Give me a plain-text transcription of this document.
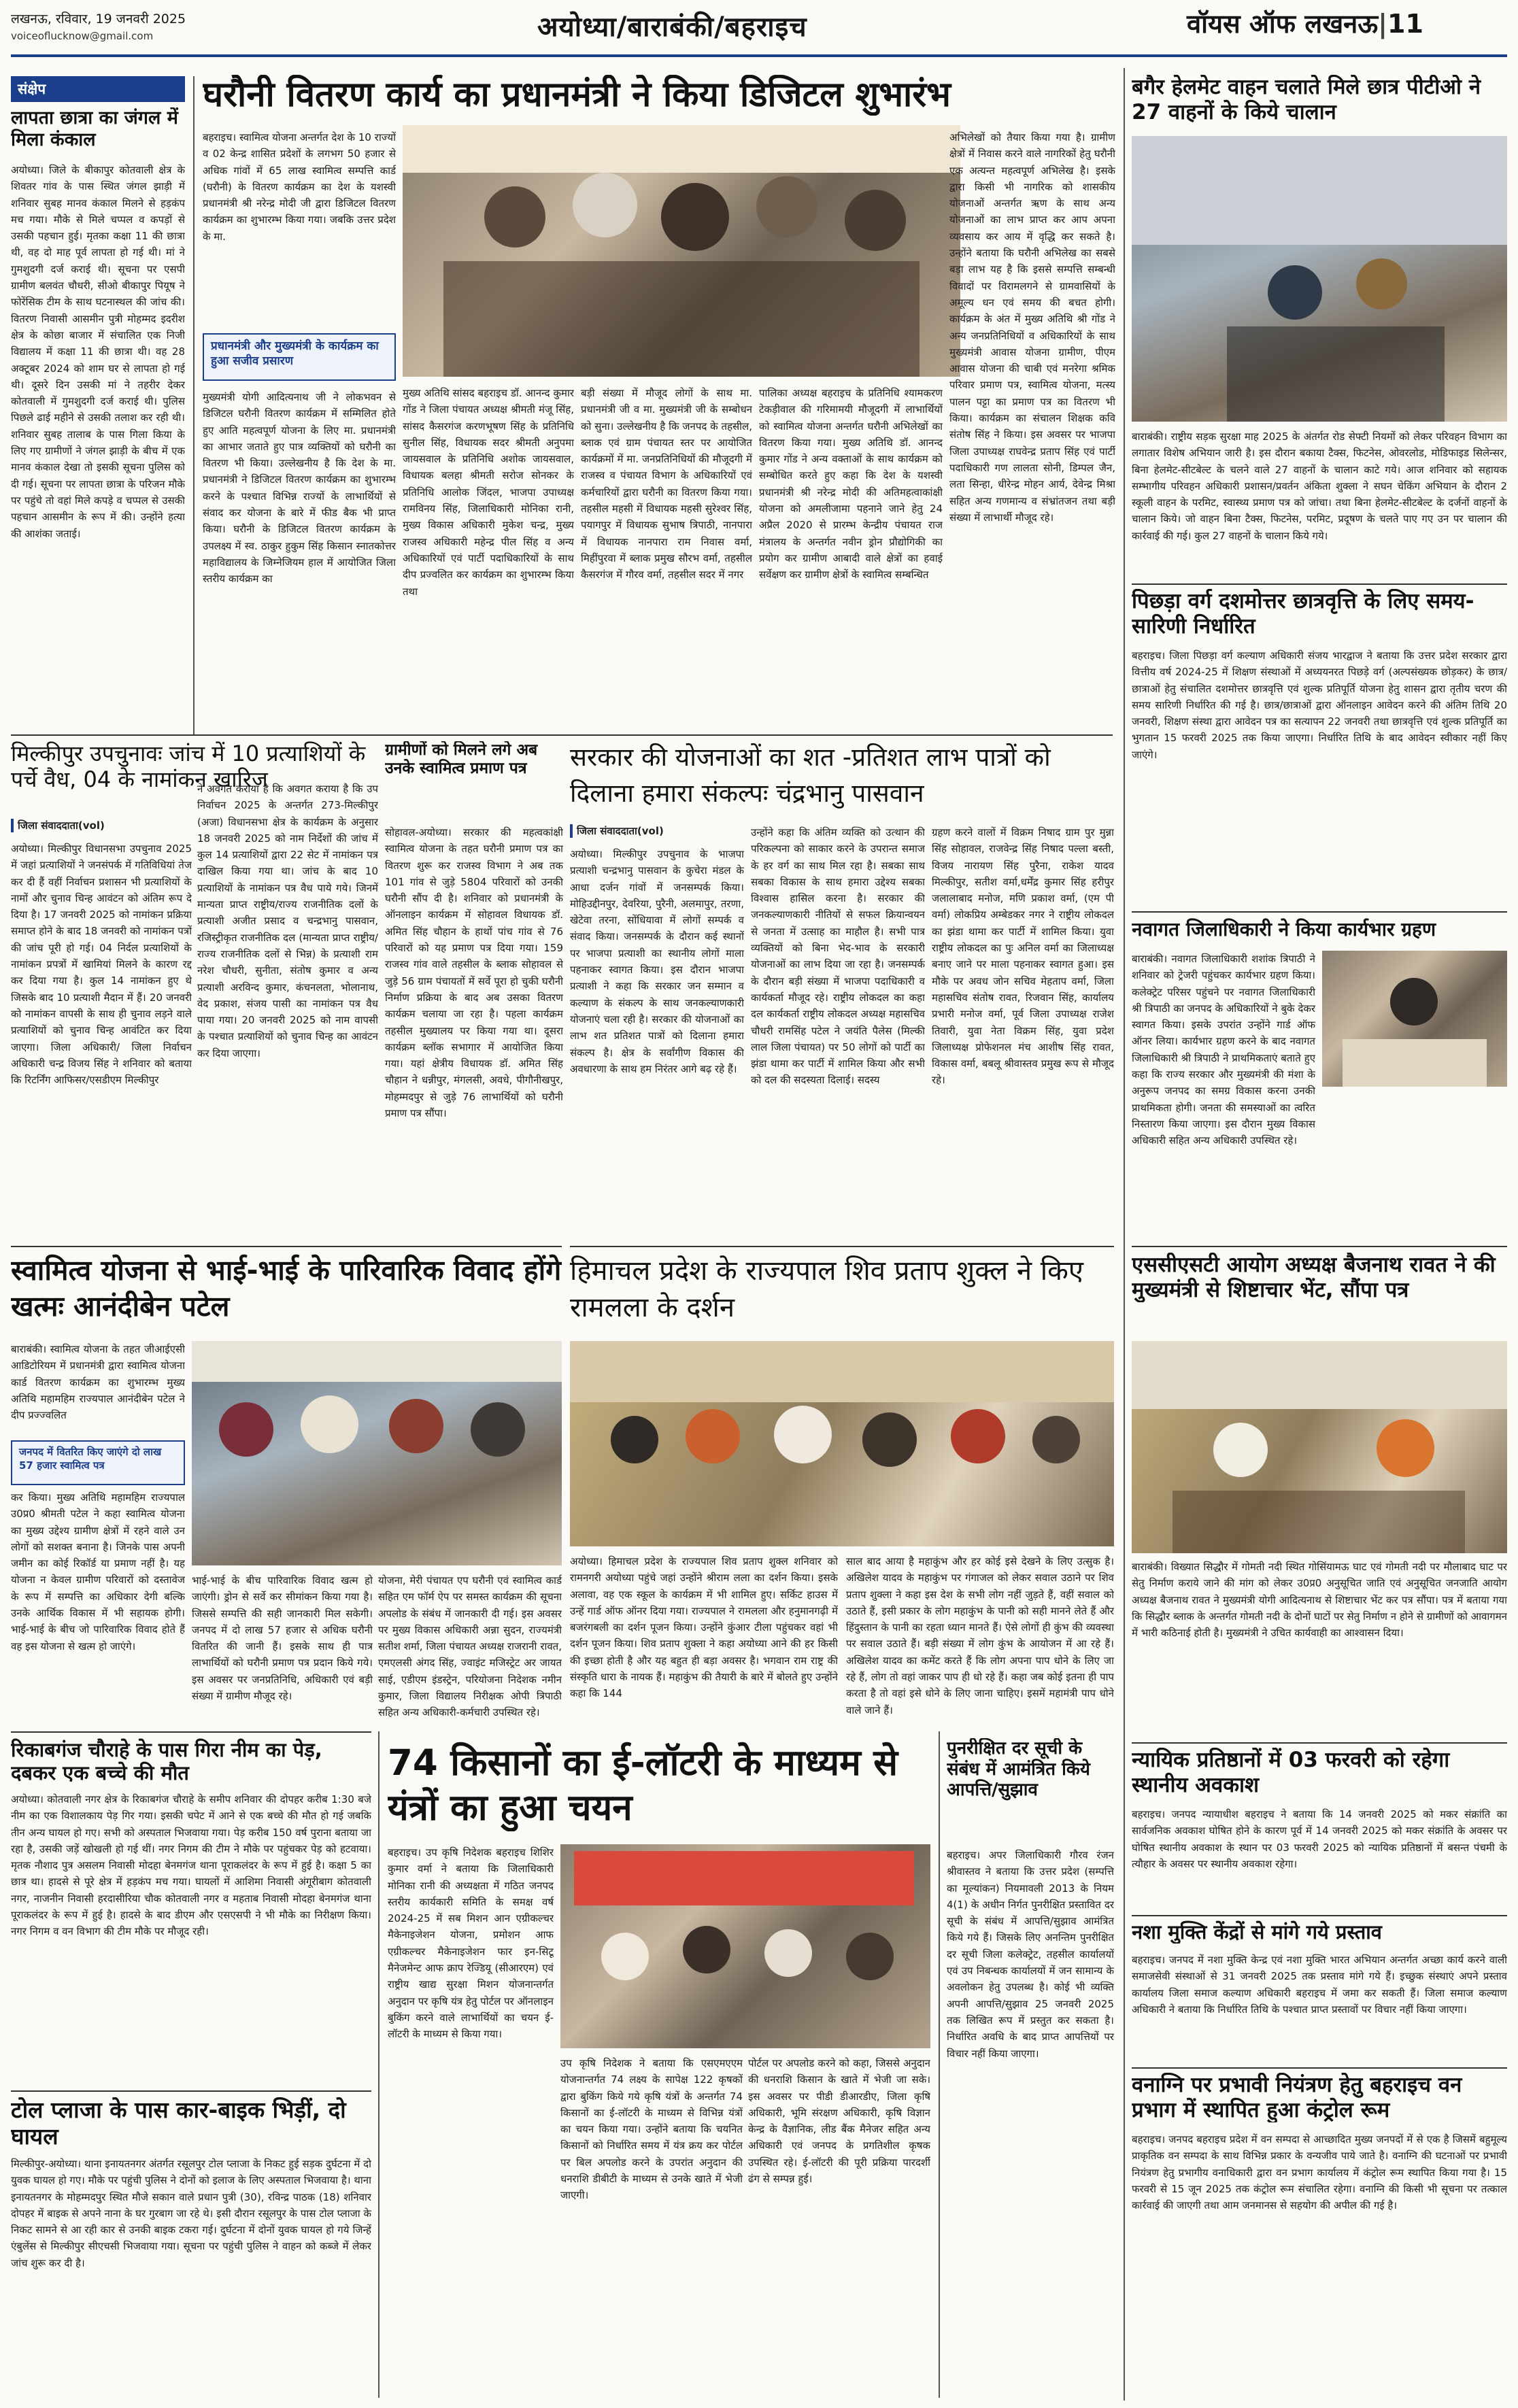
लखनऊ, रविवार, 19 जनवरी 2025
voiceoflucknow@gmail.com	अयोध्या/बाराबंकी/बहराइच	वॉयस ऑफ लखनऊ|11
संक्षेप
लापता छात्रा का जंगल में मिला कंकाल
अयोध्या। जिले के बीकापुर कोतवाली क्षेत्र के शिवतर गांव के पास स्थित जंगल झाड़ी में शनिवार सुबह मानव कंकाल मिलने से हड़कंप मच गया। मौके से मिले चप्पल व कपड़ों से उसकी पहचान हुई। मृतका कक्षा 11 की छात्रा थी, वह दो माह पूर्व लापता हो गई थी। मां ने गुमशुदगी दर्ज कराई थी। सूचना पर एसपी ग्रामीण बलवंत चौधरी, सीओ बीकापुर पियूष ने फोरेंसिक टीम के साथ घटनास्थल की जांच की। वितरण निवासी आसमीन पुत्री मोहम्मद इदरीश क्षेत्र के कोछा बाजार में संचालित एक निजी विद्यालय में कक्षा 11 की छात्रा थी। वह 28 अक्टूबर 2024 को शाम घर से लापता हो गई थी। दूसरे दिन उसकी मां ने तहरीर देकर कोतवाली में गुमशुदगी दर्ज कराई थी। पुलिस पिछले ढाई महीने से उसकी तलाश कर रही थी। शनिवार सुबह तालाब के पास गिला किया के लिए गए ग्रामीणों ने जंगल झाड़ी के बीच में एक मानव कंकाल देखा तो इसकी सूचना पुलिस को दी गई। सूचना पर लापता छात्रा के परिजन मौके पर पहुंचे तो वहां मिले कपड़े व चप्पल से उसकी पहचान आसमीन के रूप में की। उन्होंने हत्या की आशंका जताई।
घरौनी वितरण कार्य का प्रधानमंत्री ने किया डिजिटल शुभारंभ
बहराइच। स्वामित्व योजना अन्तर्गत देश के 10 राज्यों व 02 केन्द्र शासित प्रदेशों के लगभग 50 हजार से अधिक गांवों में 65 लाख स्वामित्व सम्पत्ति कार्ड (घरौनी) के वितरण कार्यक्रम का देश के यशस्वी प्रधानमंत्री श्री नरेन्द्र मोदी जी द्वारा डिजिटल वितरण कार्यक्रम का शुभारम्भ किया गया। जबकि उत्तर प्रदेश के मा.
प्रधानमंत्री और मुख्यमंत्री के कार्यक्रम का हुआ सजीव प्रसारण
मुख्यमंत्री योगी आदित्यनाथ जी ने लोकभवन से डिजिटल घरौनी वितरण कार्यक्रम में सम्मिलित होते हुए आति महत्वपूर्ण योजना के लिए मा. प्रधानमंत्री का आभार जताते हुए पात्र व्यक्तियों को घरौनी का वितरण भी किया। उल्लेखनीय है कि देश के मा. प्रधानमंत्री ने डिजिटल वितरण कार्यक्रम का शुभारम्भ करने के पश्चात विभिन्न राज्यों के लाभार्थियों से संवाद कर योजना के बारे में फीड बैक भी प्राप्त किया। घरौनी के डिजिटल वितरण कार्यक्रम के उपलक्ष्य में स्व. ठाकुर हुकुम सिंह किसान स्नातकोत्तर महाविद्यालय के जिम्नेजियम हाल में आयोजित जिला स्तरीय कार्यक्रम का
मुख्य अतिथि सांसद बहराइच डॉ. आनन्द कुमार गोंड ने जिला पंचायत अध्यक्ष श्रीमती मंजू सिंह, सांसद कैसरगंज करणभूषण सिंह के प्रतिनिधि सुनील सिंह, विधायक सदर श्रीमती अनुपमा जायसवाल के प्रतिनिधि अशोक जायसवाल, विधायक बलहा श्रीमती सरोज सोनकर के प्रतिनिधि आलोक जिंदल, भाजपा उपाध्यक्ष रामविनय सिंह, जिलाधिकारी मोनिका रानी, मुख्य विकास अधिकारी मुकेश चन्द्र, मुख्य राजस्व अधिकारी महेन्द्र पील सिंह व अन्य अधिकारियों एवं पार्टी पदाधिकारियों के साथ दीप प्रज्वलित कर कार्यक्रम का शुभारम्भ किया तथा
बड़ी संख्या में मौजूद लोगों के साथ मा. प्रधानमंत्री जी व मा. मुख्यमंत्री जी के सम्बोधन को सुना। उल्लेखनीय है कि जनपद के तहसील, ब्लाक एवं ग्राम पंचायत स्तर पर आयोजित कार्यक्रमों में मा. जनप्रतिनिधियों की मौजूदगी में राजस्व व पंचायत विभाग के अधिकारियों एवं कर्मचारियों द्वारा घरौनी का वितरण किया गया। तहसील महसी में विधायक महसी सुरेश्वर सिंह, पयागपुर में विधायक सुभाष त्रिपाठी, नानपारा में विधायक नानपारा राम निवास वर्मा, मिहींपुरवा में ब्लाक प्रमुख सौरभ वर्मा, तहसील कैसरगंज में गौरव वर्मा, तहसील सदर में नगर
पालिका अध्यक्ष बहराइच के प्रतिनिधि श्यामकरण टेकड़ीवाल की गरिमामयी मौजूदगी में लाभार्थियों को स्वामित्व योजना अन्तर्गत घरौनी अभिलेखों का वितरण किया गया। मुख्य अतिथि डॉ. आनन्द कुमार गोंड ने अन्य वक्ताओं के साथ कार्यक्रम को सम्बोधित करते हुए कहा कि देश के यशस्वी प्रधानमंत्री श्री नरेन्द्र मोदी की अतिमहत्वाकांक्षी योजना को अमलीजामा पहनाने जाने हेतु 24 अप्रैल 2020 से प्रारम्भ केन्द्रीय पंचायत राज मंत्रालय के अन्तर्गत नवीन ड्रोन प्रौद्योगिकी का प्रयोग कर ग्रामीण आबादी वाले क्षेत्रों का हवाई सर्वेक्षण कर ग्रामीण क्षेत्रों के स्वामित्व सम्बन्धित
अभिलेखों को तैयार किया गया है। ग्रामीण क्षेत्रों में निवास करने वाले नागरिकों हेतु घरौनी एक अत्यन्त महत्वपूर्ण अभिलेख है। इसके द्वारा किसी भी नागरिक को शासकीय योजनाओं अन्तर्गत ऋण के साथ अन्य योजनाओं का लाभ प्राप्त कर आप अपना व्यवसाय कर आय में वृद्धि कर सकते है। उन्होंने बताया कि घरौनी अभिलेख का सबसे बड़ा लाभ यह है कि इससे सम्पत्ति सम्बन्धी विवादों पर विरामलगने से ग्रामवासियों के अमूल्य धन एवं समय की बचत होगी। कार्यक्रम के अंत में मुख्य अतिथि श्री गोंड ने अन्य जनप्रतिनिधियों व अधिकारियों के साथ मुख्यमंत्री आवास योजना ग्रामीण, पीएम आवास योजना की चाबी एवं मनरेगा श्रमिक परिवार प्रमाण पत्र, स्वामित्व योजना, मत्स्य पालन पट्टा का प्रमाण पत्र का वितरण भी किया। कार्यक्रम का संचालन शिक्षक कवि संतोष सिंह ने किया। इस अवसर पर भाजपा जिला उपाध्यक्ष राघवेन्द्र प्रताप सिंह एवं पार्टी पदाधिकारी गण लालता सोनी, डिम्पल जैन, लता सिन्हा, धीरेन्द्र मोहन आर्य, देवेन्द्र मिश्रा सहित अन्य गणमान्य व संभ्रांतजन तथा बड़ी संख्या में लाभार्थी मौजूद रहे।
मिल्कीपुर उपचुनावः जांच में 10 प्रत्याशियों के पर्चे वैध, 04 के नामांकन खारिज
जिला संवाददाता(vol)
अयोध्या। मिल्कीपुर विधानसभा उपचुनाव 2025 में जहां प्रत्याशियों ने जनसंपर्क में गतिविधियां तेज कर दी हैं वहीं निर्वाचन प्रशासन भी प्रत्याशियों के नामों और चुनाव चिन्ह आवंटन को अंतिम रूप दे दिया है। 17 जनवरी 2025 को नामांकन प्रक्रिया समाप्त होने के बाद 18 जनवरी को नामांकन पत्रों की जांच पूरी हो गई। 04 निर्दल प्रत्याशियों के नामांकन प्रपत्रों में खामियां मिलने के कारण रद्द कर दिया गया है। कुल 14 नामांकन हुए थे जिसके बाद 10 प्रत्याशी मैदान में हैं। 20 जनवरी को नामांकन वापसी के साथ ही चुनाव लड़ने वाले प्रत्याशियों को चुनाव चिन्ह आवंटित कर दिया जाएगा। जिला अधिकारी/ जिला निर्वाचन अधिकारी चन्द्र विजय सिंह ने शनिवार को बताया कि रिटर्निंग आफिसर/एसडीएम मिल्कीपुर
ने अवगत कराया है कि अवगत कराया है कि उप निर्वाचन 2025 के अन्तर्गत 273-मिल्कीपुर (अजा) विधानसभा क्षेत्र के कार्यक्रम के अनुसार 18 जनवरी 2025 को नाम निर्देशों की जांच में कुल 14 प्रत्याशियों द्वारा 22 सेट में नामांकन पत्र दाखिल किया गया था। जांच के बाद 10 प्रत्याशियों के नामांकन पत्र वैध पाये गये। जिनमें मान्यता प्राप्त राष्ट्रीय/राज्य राजनीतिक दलों के प्रत्याशी अजीत प्रसाद व चन्द्रभानु पासवान, रजिस्ट्रीकृत राजनीतिक दल (मान्यता प्राप्त राष्ट्रीय/राज्य राजनीतिक दलों से भिन्न) के प्रत्याशी राम नरेश चौधरी, सुनीता, संतोष कुमार व अन्य प्रत्याशी अरविन्द कुमार, कंचनलता, भोलानाथ, वेद प्रकाश, संजय पासी का नामांकन पत्र वैध पाया गया। 20 जनवरी 2025 को नाम वापसी के पश्चात प्रत्याशियों को चुनाव चिन्ह का आवंटन कर दिया जाएगा।
ग्रामीणों को मिलने लगे अब उनके स्वामित्व प्रमाण पत्र
सोहावल-अयोध्या। सरकार की महत्वकांक्षी स्वामित्व योजना के तहत घरौनी प्रमाण पत्र का वितरण शुरू कर राजस्व विभाग ने अब तक 101 गांव से जुड़े 5804 परिवारों को उनकी घरौनी सौंप दी है। शनिवार को प्रधानमंत्री के ऑनलाइन कार्यक्रम में सोहावल विधायक डॉ. अमित सिंह चौहान के हाथों पांच गांव से 76 परिवारों को यह प्रमाण पत्र दिया गया। 159 राजस्व गांव वाले तहसील के ब्लाक सोहावल से जुड़े 56 ग्राम पंचायतों में सर्वे पूरा हो चुकी घरौनी निर्माण प्रक्रिया के बाद अब उसका वितरण कार्यक्रम चलाया जा रहा है। पहला कार्यक्रम तहसील मुख्यालय पर किया गया था। दूसरा कार्यक्रम ब्लॉक सभागार में आयोजित किया गया। यहां क्षेत्रीय विधायक डॉ. अमित सिंह चौहान ने धन्नीपुर, मंगलसी, अवधे, पीगौनीखपुर, मोहम्मदपुर से जुड़े 76 लाभार्थियों को घरौनी प्रमाण पत्र सौंपा।
सरकार की योजनाओं का शत -प्रतिशत लाभ पात्रों को दिलाना हमारा संकल्पः चंद्रभानु पासवान
जिला संवाददाता(vol)
अयोध्या। मिल्कीपुर उपचुनाव के भाजपा प्रत्याशी चन्द्रभानु पासवान के कुचेरा मंडल के आधा दर्जन गांवों में जनसम्पर्क किया। मोहिउद्दीनपुर, देवरिया, पुरैनी, अलमापुर, तरणा, खेटेवा तरना, सोंधियावा में लोगों सम्पर्क व संवाद किया। जनसम्पर्क के दौरान कई स्थानों पर भाजपा प्रत्याशी का स्थानीय लोगों माला पहनाकर स्वागत किया। इस दौरान भाजपा प्रत्याशी ने कहा कि सरकार जन सम्मान व कल्याण के संकल्प के साथ जनकल्याणकारी योजनाएं चला रही है। सरकार की योजनाओं का लाभ शत प्रतिशत पात्रों को दिलाना हमारा संकल्प है। क्षेत्र के सर्वांगीण विकास की अवधारणा के साथ हम निरंतर आगे बढ़ रहे हैं।
उन्होंने कहा कि अंतिम व्यक्ति को उत्थान की परिकल्पना को साकार करने के उपरान्त समाज के हर वर्ग का साथ मिल रहा है। सबका साथ सबका विकास के साथ हमारा उद्देश्य सबका विश्वास हासिल करना है। सरकार की जनकल्याणकारी नीतियों से सफल क्रियान्वयन से जनता में उत्साह का माहौल है। सभी पात्र व्यक्तियों को बिना भेद-भाव के सरकारी योजनाओं का लाभ दिया जा रहा है। जनसम्पर्क के दौरान बड़ी संख्या में भाजपा पदाधिकारी व कार्यकर्ता मौजूद रहे। राष्ट्रीय लोकदल का कहा दल कार्यकर्ता राष्ट्रीय लोकदल अध्यक्ष महासचिव चौधरी रामसिंह पटेल ने जयंति पैलेस (मिल्की लाल जिला पंचायत) पर 50 लोगों को पार्टी का झंडा थामा कर पार्टी में शामिल किया और सभी को दल की सदस्यता दिलाई। सदस्य
ग्रहण करने वालों में विक्रम निषाद ग्राम पुर मुन्ना सिंह सोहावल, राजवेन्द्र सिंह निषाद पल्ला बस्ती, विजय नारायण सिंह पुरैना, राकेश यादव मिल्कीपुर, सतीश वर्मा,धर्मेंद्र कुमार सिंह हरीपुर जलालाबाद मनोज, मणि प्रकाश वर्मा, (एम पी वर्मा) लोकप्रिय अम्बेडकर नगर ने राष्ट्रीय लोकदल का झंडा थामा कर पार्टी में शामिल किया। युवा राष्ट्रीय लोकदल का पुः अनिल वर्मा का जिलाध्यक्ष बनाए जाने पर माला पहनाकर स्वागत हुआ। इस मौके पर अवध जोन सचिव मेहताप वर्मा, जिला महासचिव संतोष रावत, रिजवान सिंह, कार्यालय प्रभारी मनोज वर्मा, पूर्व जिला उपाध्यक्ष राजेश तिवारी, युवा नेता विक्रम सिंह, युवा प्रदेश जिलाध्यक्ष प्रोफेशनल मंच आशीष सिंह रावत, विकास वर्मा, बबलू श्रीवास्तव प्रमुख रूप से मौजूद रहे।
स्वामित्व योजना से भाई-भाई के पारिवारिक विवाद होंगे खत्मः आनंदीबेन पटेल
बाराबंकी। स्वामित्व योजना के तहत जीआईएसी आडिटोरियम में प्रधानमंत्री द्वारा स्वामित्व योजना कार्ड वितरण कार्यक्रम का शुभारम्भ मुख्य अतिथि महामहिम राज्यपाल आनंदीबेन पटेल ने दीप प्रज्ज्वलित
जनपद में वितरित किए जाएंगे दो लाख 57 हजार स्वामित्व पत्र
कर किया। मुख्य अतिथि महामहिम राज्यपाल उ0प्र0 श्रीमती पटेल ने कहा स्वामित्व योजना का मुख्य उद्देश्य ग्रामीण क्षेत्रों में रहने वाले उन लोगों को सशक्त बनाना है। जिनके पास अपनी जमीन का कोई रिकॉर्ड या प्रमाण नहीं है। यह योजना न केवल ग्रामीण परिवारों को दस्तावेज के रूप में सम्पत्ति का अधिकार देगी बल्कि उनके आर्थिक विकास में भी सहायक होगी। भाई-भाई के बीच जो पारिवारिक विवाद होते हैं वह इस योजना से खत्म हो जाएंगे।
भाई-भाई के बीच पारिवारिक विवाद खत्म हो जाएंगी। ड्रोन से सर्वे कर सीमांकन किया गया है। जिससे सम्पत्ति की सही जानकारी मिल सकेगी। जनपद में दो लाख 57 हजार से अधिक घरौनी वितरित की जानी हैं। इसके साथ ही पात्र लाभार्थियों को घरौनी प्रमाण पत्र प्रदान किये गये। इस अवसर पर जनप्रतिनिधि, अधिकारी एवं बड़ी संख्या में ग्रामीण मौजूद रहे।
योजना, मेरी पंचायत एप घरौनी एवं स्वामित्व कार्ड सहित एम फॉर्म ऐप पर समस्त कार्यक्रम की सूचना अपलोड के संबंध में जानकारी दी गई। इस अवसर पर मुख्य विकास अधिकारी अन्ना सुदन, राज्यमंत्री सतीश शर्मा, जिला पंचायत अध्यक्ष राजरानी रावत, एमएलसी अंगद सिंह, ज्वाइंट मजिस्ट्रेट अर जायत साई, एडीएम इंडस्ट्रेन, परियोजना निदेशक नमीन कुमार, जिला विद्यालय निरीक्षक ओपी त्रिपाठी सहित अन्य अधिकारी-कर्मचारी उपस्थित रहे।
हिमाचल प्रदेश के राज्यपाल शिव प्रताप शुक्ल ने किए रामलला के दर्शन
अयोध्या। हिमाचल प्रदेश के राज्यपाल शिव प्रताप शुक्ल शनिवार को रामनगरी अयोध्या पहुंचे जहां उन्होंने श्रीराम लला का दर्शन किया। इसके अलावा, वह एक स्कूल के कार्यक्रम में भी शामिल हुए। सर्किट हाउस में उन्हें गार्ड ऑफ ऑनर दिया गया। राज्यपाल ने रामलला और हनुमानगढ़ी में बजरंगबली का दर्शन पूजन किया। उन्होंने कुंआर टीला पहुंचकर वहां भी दर्शन पूजन किया। शिव प्रताप शुक्ला ने कहा अयोध्या आने की हर किसी की इच्छा होती है और यह बहुत ही बड़ा अवसर है। भगवान राम राष्ट्र की संस्कृति धारा के नायक हैं। महाकुंभ की तैयारी के बारे में बोलते हुए उन्होंने कहा कि 144
साल बाद आया है महाकुंभ और हर कोई इसे देखने के लिए उत्सुक है। अखिलेश यादव के महाकुंभ पर गंगाजल को लेकर सवाल उठाने पर शिव प्रताप शुक्ला ने कहा इस देश के सभी लोग नहीं जुड़ते हैं, वहीं सवाल को उठाते हैं, इसी प्रकार के लोग महाकुंभ के पानी को सही मानने लेते हैं और हिंदुस्तान के पानी का रहता ध्यान मानते हैं। ऐसे लोगों ही कुंभ की व्यवस्था पर सवाल उठाते हैं। बड़ी संख्या में लोग कुंभ के आयोजन में आ रहे हैं। अखिलेश यादव का कमेंट करते हैं कि लोग अपना पाप धोने के लिए जा रहे हैं, लोग तो वहां जाकर पाप ही धो रहे हैं। कहा जब कोई इतना ही पाप करता है तो वहां इसे धोने के लिए जाना चाहिए। इसमें महामंत्री पाप धोने वाले जाने हैं।
रिकाबगंज चौराहे के पास गिरा नीम का पेड़, दबकर एक बच्चे की मौत
अयोध्या। कोतवाली नगर क्षेत्र के रिकाबगंज चौराहे के समीप शनिवार की दोपहर करीब 1:30 बजे नीम का एक विशालकाय पेड़ गिर गया। इसकी चपेट में आने से एक बच्चे की मौत हो गई जबकि तीन अन्य घायल हो गए। सभी को अस्पताल भिजवाया गया। पेड़ करीब 150 वर्ष पुराना बताया जा रहा है, उसकी जड़ें खोखली हो गई थीं। नगर निगम की टीम ने मौके पर पहुंचकर पेड़ को हटवाया। मृतक नौशाद पुत्र असलम निवासी मोदहा बेनमगंज थाना पूराकलंदर के रूप में हुई है। कक्षा 5 का छात्र था। हादसे से पूरे क्षेत्र में हड़कंप मच गया। घायलों में आशिमा निवासी अंगूरीबाग कोतवाली नगर, नाजनीन निवासी हरदासीरिया चौक कोतवाली नगर व महताब निवासी मोदहा बेनमगंज थाना पूराकलंदर के रूप में हुई है। हादसे के बाद डीएम और एसएसपी ने भी मौके का निरीक्षण किया। नगर निगम व वन विभाग की टीम मौके पर मौजूद रही।
टोल प्लाजा के पास कार-बाइक भिड़ीं, दो घायल
मिल्कीपुर-अयोध्या। थाना इनायतनगर अंतर्गत रसूलपुर टोल प्लाजा के निकट हुई सड़क दुर्घटना में दो युवक घायल हो गए। मौके पर पहुंची पुलिस ने दोनों को इलाज के लिए अस्पताल भिजवाया है। थाना इनायतनगर के मोहम्मदपुर स्थित मौजे सकान वाले प्रधान पुत्री (30), रविन्द्र पाठक (18) शनिवार दोपहर में बाइक से अपने नाना के घर गुरबाग जा रहे थे। इसी दौरान रसूलपुर के पास टोल प्लाजा के निकट सामने से आ रही कार से उनकी बाइक टकरा गई। दुर्घटना में दोनों युवक घायल हो गये जिन्हें एंबुलेंस से मिल्कीपुर सीएचसी भिजवाया गया। सूचना पर पहुंची पुलिस ने वाहन को कब्जे में लेकर जांच शुरू कर दी है।
74 किसानों का ई-लॉटरी के माध्यम से यंत्रों का हुआ चयन
बहराइच। उप कृषि निदेशक बहराइच शिशिर कुमार वर्मा ने बताया कि जिलाधिकारी मोनिका रानी की अध्यक्षता में गठित जनपद स्तरीय कार्यकारी समिति के समक्ष वर्ष 2024-25 में सब मिशन आन एग्रीकल्चर मैकेनाइजेशन योजना, प्रमोशन आफ एग्रीकल्चर मैकेनाइजेशन फार इन-सिटू मैनेजमेन्ट आफ क्राप रेज्डियू (सीआरएम) एवं राष्ट्रीय खाद्य सुरक्षा मिशन योजनान्तर्गत अनुदान पर कृषि यंत्र हेतु पोर्टल पर ऑनलाइन बुकिंग करने वाले लाभार्थियों का चयन ई-लॉटरी के माध्यम से किया गया।
उप कृषि निदेशक ने बताया कि एसएमएएम योजनान्तर्गत 74 लक्ष्य के सापेक्ष 122 कृषकों द्वारा बुकिंग किये गये कृषि यंत्रों के अन्तर्गत 74 किसानों का ई-लॉटरी के माध्यम से विभिन्न यंत्रों का चयन किया गया। उन्होंने बताया कि चयनित किसानों को निर्धारित समय में यंत्र क्रय कर पोर्टल पर बिल अपलोड करने के उपरांत अनुदान की धनराशि डीबीटी के माध्यम से उनके खाते में भेजी जाएगी।
पोर्टल पर अपलोड करने को कहा, जिससे अनुदान की धनराशि किसान के खाते में भेजी जा सके। इस अवसर पर पीडी डीआरडीए, जिला कृषि अधिकारी, भूमि संरक्षण अधिकारी, कृषि विज्ञान केन्द्र के वैज्ञानिक, लीड बैंक मैनेजर सहित अन्य अधिकारी एवं जनपद के प्रगतिशील कृषक उपस्थित रहे। ई-लॉटरी की पूरी प्रक्रिया पारदर्शी ढंग से सम्पन्न हुई।
पुनरीक्षित दर सूची के संबंध में आमंत्रित किये आपत्ति/सुझाव
बहराइच। अपर जिलाधिकारी गौरव रंजन श्रीवास्तव ने बताया कि उत्तर प्रदेश (सम्पत्ति का मूल्यांकन) नियमावली 2013 के नियम 4(1) के अधीन निर्गत पुनरीक्षित प्रस्तावित दर सूची के संबंध में आपत्ति/सुझाव आमंत्रित किये गये हैं। जिसके लिए अनन्तिम पुनरीक्षित दर सूची जिला कलेक्ट्रेट, तहसील कार्यालयों एवं उप निबन्धक कार्यालयों में जन सामान्य के अवलोकन हेतु उपलब्ध है। कोई भी व्यक्ति अपनी आपत्ति/सुझाव 25 जनवरी 2025 तक लिखित रूप में प्रस्तुत कर सकता है। निर्धारित अवधि के बाद प्राप्त आपत्तियों पर विचार नहीं किया जाएगा।
बगैर हेलमेट वाहन चलाते मिले छात्र पीटीओ ने 27 वाहनों के किये चालान
बाराबंकी। राष्ट्रीय सड़क सुरक्षा माह 2025 के अंतर्गत रोड सेफ्टी नियमों को लेकर परिवहन विभाग का लगातार विशेष अभियान जारी है। इस दौरान बकाया टैक्स, फिटनेस, ओवरलोड, मोडिफाइड सिलेन्सर, बिना हेलमेट-सीटबेल्ट के चलने वाले 27 वाहनों के चालान काटे गये। आज शनिवार को सहायक सम्भागीय परिवहन अधिकारी प्रशासन/प्रवर्तन अंकिता शुक्ला ने सघन चेकिंग अभियान के दौरान 2 स्कूली वाहन के परमिट, स्वास्थ्य प्रमाण पत्र को जांचा। तथा बिना हेलमेट-सीटबेल्ट के दर्जनों वाहनों के चालान किये। जो वाहन बिना टैक्स, फिटनेस, परमिट, प्रदूषण के चलते पाए गए उन पर चालान की कार्रवाई की गई। कुल 27 वाहनों के चालान किये गये।
पिछड़ा वर्ग दशमोत्तर छात्रवृत्ति के लिए समय-सारिणी निर्धारित
बहराइच। जिला पिछड़ा वर्ग कल्याण अधिकारी संजय भारद्वाज ने बताया कि उत्तर प्रदेश सरकार द्वारा वित्तीय वर्ष 2024-25 में शिक्षण संस्थाओं में अध्ययनरत पिछड़े वर्ग (अल्पसंख्यक छोड़कर) के छात्र/छात्राओं हेतु संचालित दशमोत्तर छात्रवृत्ति एवं शुल्क प्रतिपूर्ति योजना हेतु शासन द्वारा तृतीय चरण की समय सारिणी निर्धारित की गई है। छात्र/छात्राओं द्वारा ऑनलाइन आवेदन करने की अंतिम तिथि 20 जनवरी, शिक्षण संस्था द्वारा आवेदन पत्र का सत्यापन 22 जनवरी तथा छात्रवृत्ति एवं शुल्क प्रतिपूर्ति का भुगतान 15 फरवरी 2025 तक किया जाएगा। निर्धारित तिथि के बाद आवेदन स्वीकार नहीं किए जाएंगे।
नवागत जिलाधिकारी ने किया कार्यभार ग्रहण
बाराबंकी। नवागत जिलाधिकारी शशांक त्रिपाठी ने शनिवार को ट्रेजरी पहुंचकर कार्यभार ग्रहण किया। कलेक्ट्रेट परिसर पहुंचने पर नवागत जिलाधिकारी श्री त्रिपाठी का जनपद के अधिकारियों ने बुके देकर स्वागत किया। इसके उपरांत उन्होंने गार्ड ऑफ ऑनर लिया। कार्यभार ग्रहण करने के बाद नवागत जिलाधिकारी श्री त्रिपाठी ने प्राथमिकताएं बताते हुए कहा कि राज्य सरकार और मुख्यमंत्री की मंशा के अनुरूप जनपद का समग्र विकास करना उनकी प्राथमिकता होगी। जनता की समस्याओं का त्वरित निस्तारण किया जाएगा। इस दौरान मुख्य विकास अधिकारी सहित अन्य अधिकारी उपस्थित रहे।
एससीएसटी आयोग अध्यक्ष बैजनाथ रावत ने की मुख्यमंत्री से शिष्टाचार भेंट, सौंपा पत्र
बाराबंकी। विख्यात सिद्धौर में गोमती नदी स्थित गोसिंयामऊ घाट एवं गोमती नदी पर मौलाबाद घाट पर सेतु निर्माण कराये जाने की मांग को लेकर उ0प्र0 अनुसूचित जाति एवं अनुसूचित जनजाति आयोग अध्यक्ष बैजनाथ रावत ने मुख्यमंत्री योगी आदित्यनाथ से शिष्टाचार भेंट कर पत्र सौंपा। पत्र में बताया गया कि सिद्धौर ब्लाक के अन्तर्गत गोमती नदी के दोनों घाटों पर सेतु निर्माण न होने से ग्रामीणों को आवागमन में भारी कठिनाई होती है। मुख्यमंत्री ने उचित कार्यवाही का आश्वासन दिया।
न्यायिक प्रतिष्ठानों में 03 फरवरी को रहेगा स्थानीय अवकाश
बहराइच। जनपद न्यायाधीश बहराइच ने बताया कि 14 जनवरी 2025 को मकर संक्रांति का सार्वजनिक अवकाश घोषित होने के कारण पूर्व में 14 जनवरी 2025 को मकर संक्रांति के अवसर पर घोषित स्थानीय अवकाश के स्थान पर 03 फरवरी 2025 को न्यायिक प्रतिष्ठानों में बसन्त पंचमी के त्यौहार के अवसर पर स्थानीय अवकाश रहेगा।
नशा मुक्ति केंद्रों से मांगे गये प्रस्ताव
बहराइच। जनपद में नशा मुक्ति केन्द्र एवं नशा मुक्ति भारत अभियान अन्तर्गत अच्छा कार्य करने वाली समाजसेवी संस्थाओं से 31 जनवरी 2025 तक प्रस्ताव मांगे गये हैं। इच्छुक संस्थाएं अपने प्रस्ताव कार्यालय जिला समाज कल्याण अधिकारी बहराइच में जमा कर सकती हैं। जिला समाज कल्याण अधिकारी ने बताया कि निर्धारित तिथि के पश्चात प्राप्त प्रस्तावों पर विचार नहीं किया जाएगा।
वनाग्नि पर प्रभावी नियंत्रण हेतु बहराइच वन प्रभाग में स्थापित हुआ कंट्रोल रूम
बहराइच। जनपद बहराइच प्रदेश में वन सम्पदा से आच्छादित मुख्य जनपदों में से एक है जिसमें बहुमूल्य प्राकृतिक वन सम्पदा के साथ विभिन्न प्रकार के वन्यजीव पाये जाते है। वनाग्नि की घटनाओं पर प्रभावी नियंत्रण हेतु प्रभागीय वनाधिकारी द्वारा वन प्रभाग कार्यालय में कंट्रोल रूम स्थापित किया गया है। 15 फरवरी से 15 जून 2025 तक कंट्रोल रूम संचालित रहेगा। वनाग्नि की किसी भी सूचना पर तत्काल कार्रवाई की जाएगी तथा आम जनमानस से सहयोग की अपील की गई है।
